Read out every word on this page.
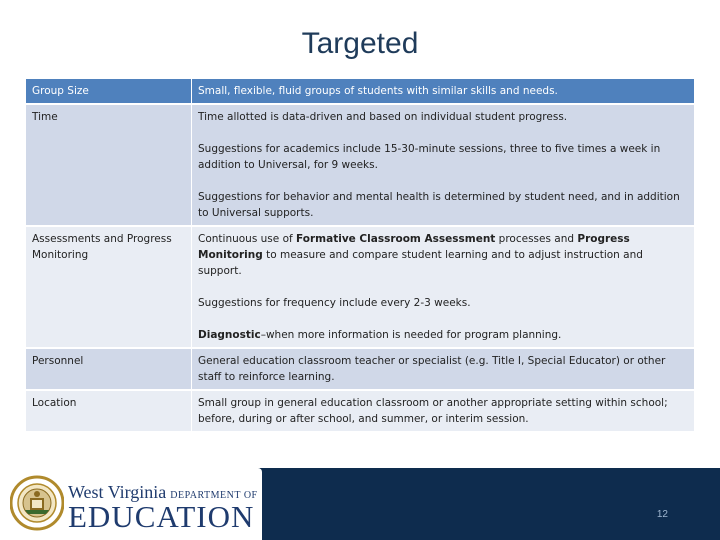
Targeted
Group Size	Small, flexible, fluid groups of students with similar skills and needs.

Time	Time allotted is data-driven and based on individual student progress.
Suggestions for academics include 15-30-minute sessions, three to five times a week in addition to Universal, for 9 weeks.
Suggestions for behavior and mental health is determined by student need, and in addition to Universal supports.

Assessments and Progress Monitoring	Continuous use of Formative Classroom Assessment processes and Progress Monitoring to measure and compare student learning and to adjust instruction and support.
Suggestions for frequency include every 2-3 weeks.
Diagnostic–when more information is needed for program planning.

Personnel	General education classroom teacher or specialist (e.g. Title I, Special Educator) or other staff to reinforce learning.

Location	Small group in general education classroom or another appropriate setting within school; before, during or after school, and summer, or interim session.
West Virginia DEPARTMENT OF
EDUCATION	12
